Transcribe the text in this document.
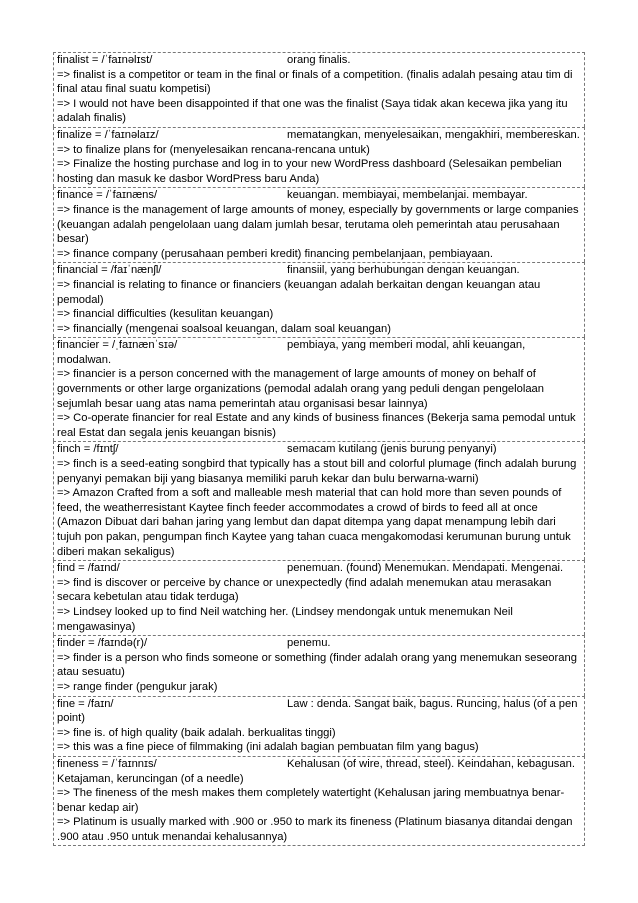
finalist = /ˈfaɪnəlɪst/	orang finalis.
=> finalist is a competitor or team in the final or finals of a competition. (finalis adalah pesaing atau tim di final atau final suatu kompetisi)
=> I would not have been disappointed if that one was the finalist (Saya tidak akan kecewa jika yang itu adalah finalis)
finalize = /ˈfaɪnəlaɪz/	mematangkan, menyelesaikan, mengakhiri, membereskan.
=> to finalize plans for (menyelesaikan rencana-rencana untuk)
=> Finalize the hosting purchase and log in to your new WordPress dashboard (Selesaikan pembelian hosting dan masuk ke dasbor WordPress baru Anda)
finance = /ˈfaɪnæns/	keuangan. membiayai, membelanjai. membayar.
=> finance is the management of large amounts of money, especially by governments or large companies (keuangan adalah pengelolaan uang dalam jumlah besar, terutama oleh pemerintah atau perusahaan besar)
=> finance company (perusahaan pemberi kredit) financing pembelanjaan, pembiayaan.
financial = /faɪˈnænʃl/	finansiil, yang berhubungan dengan keuangan.
=> financial is relating to finance or financiers (keuangan adalah berkaitan dengan keuangan atau pemodal)
=> financial difficulties (kesulitan keuangan)
=> financially (mengenai soalsoal keuangan, dalam soal keuangan)
financier = /ˌfaɪnænˈsɪə/	pembiaya, yang memberi modal, ahli keuangan, modalwan.
=> financier is a person concerned with the management of large amounts of money on behalf of governments or other large organizations (pemodal adalah orang yang peduli dengan pengelolaan sejumlah besar uang atas nama pemerintah atau organisasi besar lainnya)
=> Co-operate financier for real Estate and any kinds of business finances (Bekerja sama pemodal untuk real Estat dan segala jenis keuangan bisnis)
finch = /fɪntʃ/	semacam kutilang (jenis burung penyanyi)
=> finch is a seed-eating songbird that typically has a stout bill and colorful plumage (finch adalah burung penyanyi pemakan biji yang biasanya memiliki paruh kekar dan bulu berwarna-warni)
=> Amazon Crafted from a soft and malleable mesh material that can hold more than seven pounds of feed, the weatherresistant Kaytee finch feeder accommodates a crowd of birds to feed all at once (Amazon Dibuat dari bahan jaring yang lembut dan dapat ditempa yang dapat menampung lebih dari tujuh pon pakan, pengumpan finch Kaytee yang tahan cuaca mengakomodasi kerumunan burung untuk diberi makan sekaligus)
find = /faɪnd/	penemuan. (found) Menemukan. Mendapati. Mengenai.
=> find is discover or perceive by chance or unexpectedly (find adalah menemukan atau merasakan secara kebetulan atau tidak terduga)
=> Lindsey looked up to find Neil watching her. (Lindsey mendongak untuk menemukan Neil mengawasinya)
finder = /faɪndə(r)/	penemu.
=> finder is a person who finds someone or something (finder adalah orang yang menemukan seseorang atau sesuatu)
=> range finder (pengukur jarak)
fine = /faɪn/	Law : denda. Sangat baik, bagus. Runcing, halus (of a pen point)
=> fine is. of high quality (baik adalah. berkualitas tinggi)
=> this was a fine piece of filmmaking (ini adalah bagian pembuatan film yang bagus)
fineness = /ˈfaɪnnɪs/	Kehalusan (of wire, thread, steel). Keindahan, kebagusan. Ketajaman, keruncingan (of a needle)
=> The fineness of the mesh makes them completely watertight (Kehalusan jaring membuatnya benar-benar kedap air)
=> Platinum is usually marked with .900 or .950 to mark its fineness (Platinum biasanya ditandai dengan .900 atau .950 untuk menandai kehalusannya)
